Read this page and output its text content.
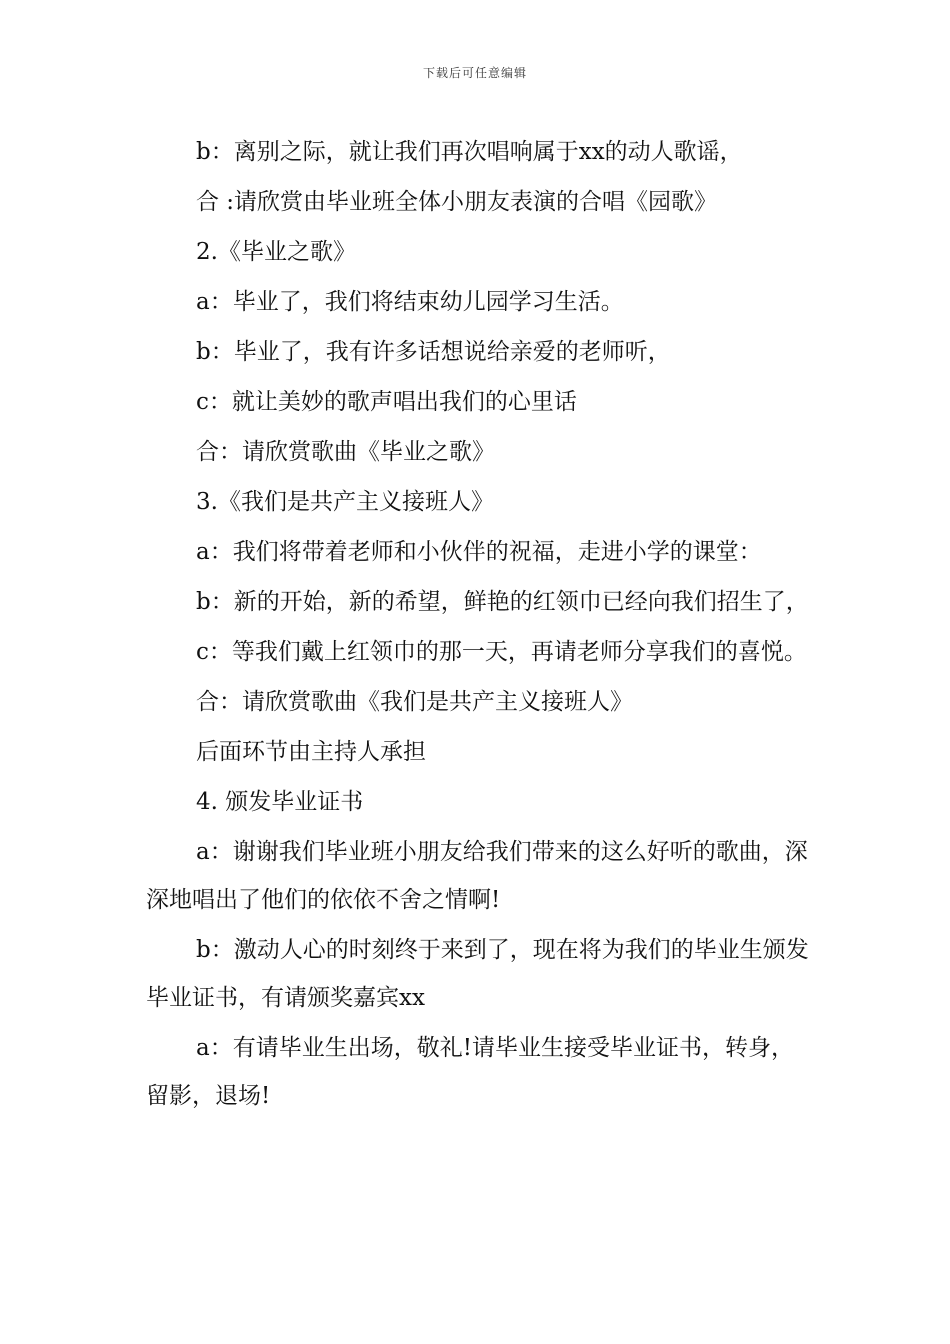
下载后可任意编辑

b：离别之际，就让我们再次唱响属于xx的动人歌谣，

合 :请欣赏由毕业班全体小朋友表演的合唱《园歌》

2.《毕业之歌》

a：毕业了，我们将结束幼儿园学习生活。

b：毕业了，我有许多话想说给亲爱的老师听，

c：就让美妙的歌声唱出我们的心里话

合：请欣赏歌曲《毕业之歌》

3.《我们是共产主义接班人》

a：我们将带着老师和小伙伴的祝福，走进小学的课堂：

b：新的开始，新的希望，鲜艳的红领巾已经向我们招生了，

c：等我们戴上红领巾的那一天，再请老师分享我们的喜悦。

合：请欣赏歌曲《我们是共产主义接班人》

后面环节由主持人承担

4. 颁发毕业证书

a：谢谢我们毕业班小朋友给我们带来的这么好听的歌曲，深深地唱出了他们的依依不舍之情啊!

b：激动人心的时刻终于来到了，现在将为我们的毕业生颁发毕业证书，有请颁奖嘉宾xx

a：有请毕业生出场，敬礼!请毕业生接受毕业证书，转身，留影，退场!
